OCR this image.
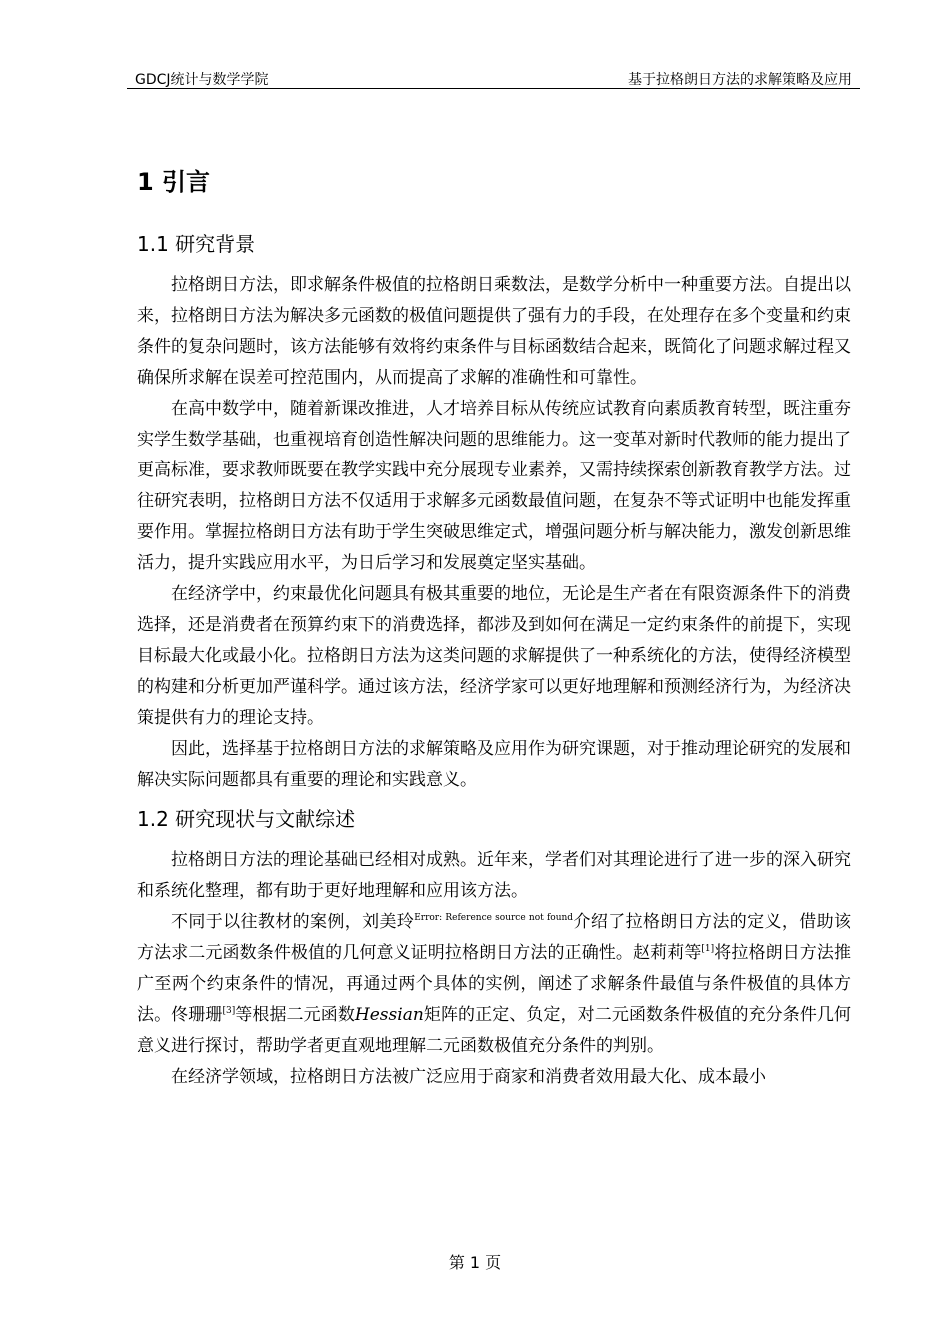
GDCJ统计与数学学院	基于拉格朗日方法的求解策略及应用
1 引言
1.1 研究背景

拉格朗日方法，即求解条件极值的拉格朗日乘数法，是数学分析中一种重要方法。自提出以来，拉格朗日方法为解决多元函数的极值问题提供了强有力的手段，在处理存在多个变量和约束条件的复杂问题时，该方法能够有效将约束条件与目标函数结合起来，既简化了问题求解过程又确保所求解在误差可控范围内，从而提高了求解的准确性和可靠性。

在高中数学中，随着新课改推进，人才培养目标从传统应试教育向素质教育转型，既注重夯实学生数学基础，也重视培育创造性解决问题的思维能力。这一变革对新时代教师的能力提出了更高标准，要求教师既要在教学实践中充分展现专业素养，又需持续探索创新教育教学方法。过往研究表明，拉格朗日方法不仅适用于求解多元函数最值问题，在复杂不等式证明中也能发挥重要作用。掌握拉格朗日方法有助于学生突破思维定式，增强问题分析与解决能力，激发创新思维活力，提升实践应用水平，为日后学习和发展奠定坚实基础。

在经济学中，约束最优化问题具有极其重要的地位，无论是生产者在有限资源条件下的消费选择，还是消费者在预算约束下的消费选择，都涉及到如何在满足一定约束条件的前提下，实现目标最大化或最小化。拉格朗日方法为这类问题的求解提供了一种系统化的方法，使得经济模型的构建和分析更加严谨科学。通过该方法，经济学家可以更好地理解和预测经济行为，为经济决策提供有力的理论支持。

因此，选择基于拉格朗日方法的求解策略及应用作为研究课题，对于推动理论研究的发展和解决实际问题都具有重要的理论和实践意义。

1.2 研究现状与文献综述

拉格朗日方法的理论基础已经相对成熟。近年来，学者们对其理论进行了进一步的深入研究和系统化整理，都有助于更好地理解和应用该方法。

不同于以往教材的案例，刘美玲$^{Error: Reference source not found}$介绍了拉格朗日方法的定义，借助该方法求二元函数条件极值的几何意义证明拉格朗日方法的正确性。赵莉莉等[1]将拉格朗日方法推广至两个约束条件的情况，再通过两个具体的实例，阐述了求解条件最值与条件极值的具体方法。佟珊珊[3]等根据二元函数Hessian矩阵的正定、负定，对二元函数条件极值的充分条件几何意义进行探讨，帮助学者更直观地理解二元函数极值充分条件的判别。

在经济学领域，拉格朗日方法被广泛应用于商家和消费者效用最大化、成本最小

第 1 页
